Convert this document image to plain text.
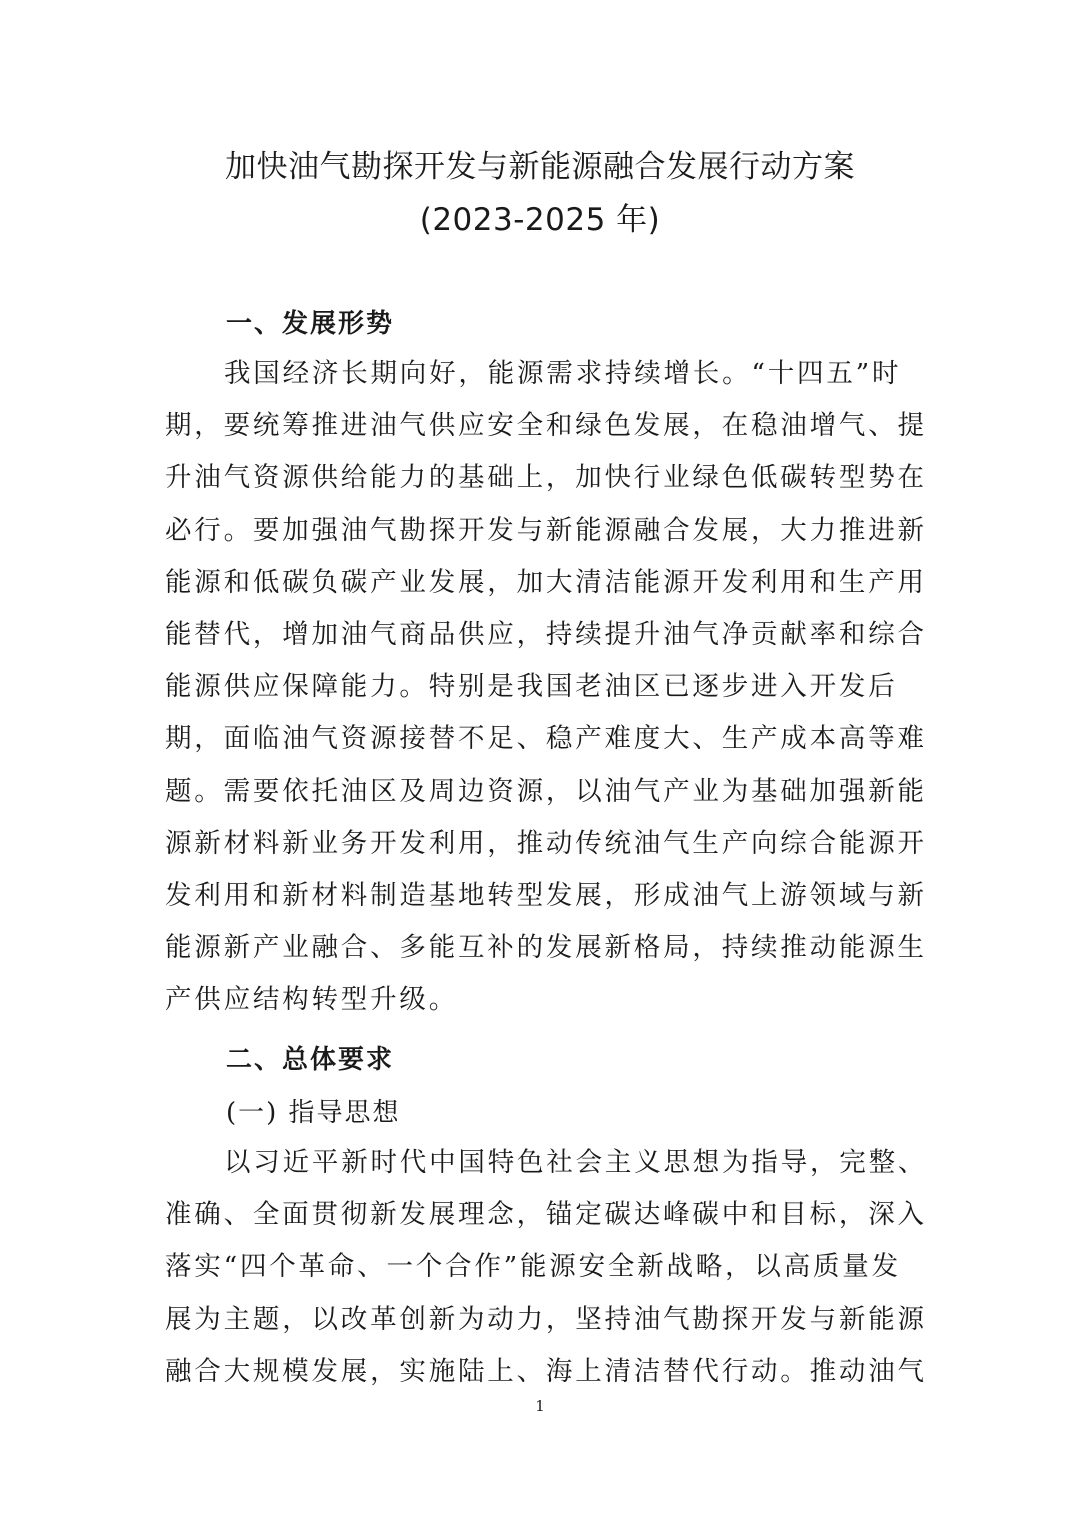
加快油气勘探开发与新能源融合发展行动方案
(2023-2025 年)
一、发展形势
我国经济长期向好，能源需求持续增长。“十四五”时
期，要统筹推进油气供应安全和绿色发展，在稳油增气、提
升油气资源供给能力的基础上，加快行业绿色低碳转型势在
必行。要加强油气勘探开发与新能源融合发展，大力推进新
能源和低碳负碳产业发展，加大清洁能源开发利用和生产用
能替代，增加油气商品供应，持续提升油气净贡献率和综合
能源供应保障能力。特别是我国老油区已逐步进入开发后
期，面临油气资源接替不足、稳产难度大、生产成本高等难
题。需要依托油区及周边资源，以油气产业为基础加强新能
源新材料新业务开发利用，推动传统油气生产向综合能源开
发利用和新材料制造基地转型发展，形成油气上游领域与新
能源新产业融合、多能互补的发展新格局，持续推动能源生
产供应结构转型升级。
二、总体要求
(一) 指导思想
以习近平新时代中国特色社会主义思想为指导，完整、
准确、全面贯彻新发展理念，锚定碳达峰碳中和目标，深入
落实“四个革命、一个合作”能源安全新战略，以高质量发
展为主题，以改革创新为动力，坚持油气勘探开发与新能源
融合大规模发展，实施陆上、海上清洁替代行动。推动油气
1
